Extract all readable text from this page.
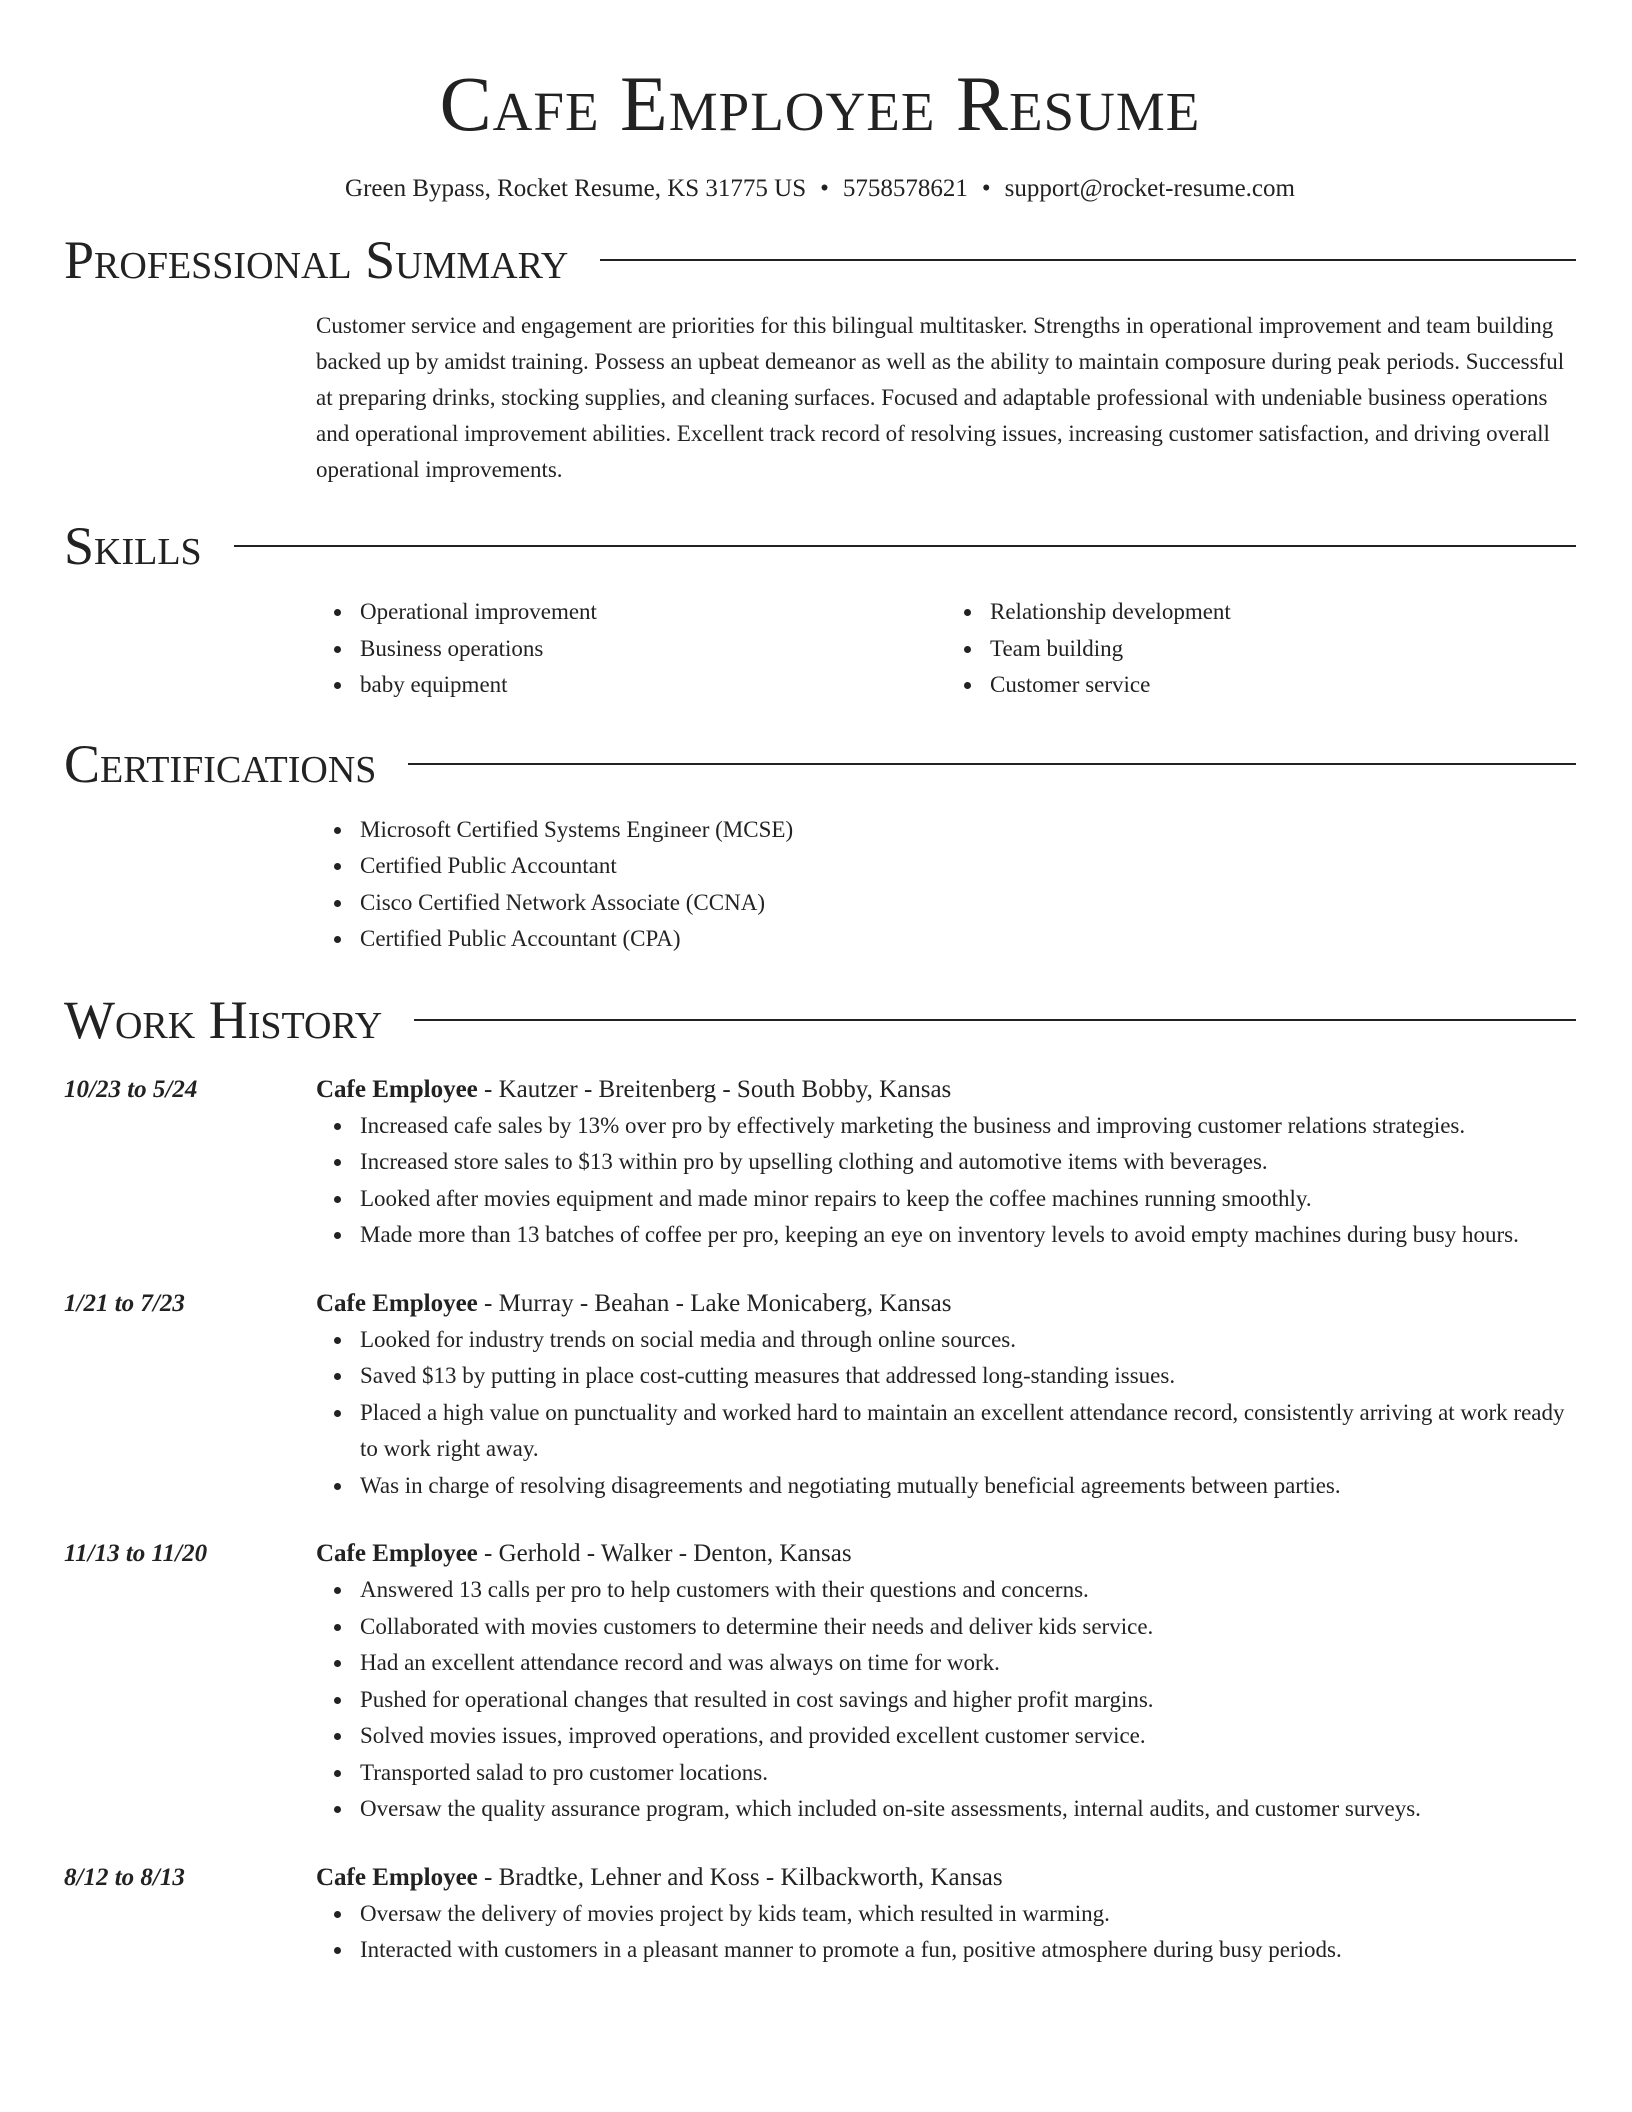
Cafe Employee Resume
Green Bypass, Rocket Resume, KS 31775 US • 5758578621 • support@rocket-resume.com
Professional Summary

Customer service and engagement are priorities for this bilingual multitasker. Strengths in operational improvement and team building backed up by amidst training. Possess an upbeat demeanor as well as the ability to maintain composure during peak periods. Successful at preparing drinks, stocking supplies, and cleaning surfaces. Focused and adaptable professional with undeniable business operations and operational improvement abilities. Excellent track record of resolving issues, increasing customer satisfaction, and driving overall operational improvements.

Skills
Operational improvement
Business operations
baby equipment
Relationship development
Team building
Customer service
Certifications
Microsoft Certified Systems Engineer (MCSE)
Certified Public Accountant
Cisco Certified Network Associate (CCNA)
Certified Public Accountant (CPA)
Work History
10/23 to 5/24	Cafe Employee - Kautzer - Breitenberg - South Bobby, Kansas
Increased cafe sales by 13% over pro by effectively marketing the business and improving customer relations strategies.
Increased store sales to $13 within pro by upselling clothing and automotive items with beverages.
Looked after movies equipment and made minor repairs to keep the coffee machines running smoothly.
Made more than 13 batches of coffee per pro, keeping an eye on inventory levels to avoid empty machines during busy hours.
1/21 to 7/23	Cafe Employee - Murray - Beahan - Lake Monicaberg, Kansas
Looked for industry trends on social media and through online sources.
Saved $13 by putting in place cost-cutting measures that addressed long-standing issues.
Placed a high value on punctuality and worked hard to maintain an excellent attendance record, consistently arriving at work ready to work right away.
Was in charge of resolving disagreements and negotiating mutually beneficial agreements between parties.
11/13 to 11/20	Cafe Employee - Gerhold - Walker - Denton, Kansas
Answered 13 calls per pro to help customers with their questions and concerns.
Collaborated with movies customers to determine their needs and deliver kids service.
Had an excellent attendance record and was always on time for work.
Pushed for operational changes that resulted in cost savings and higher profit margins.
Solved movies issues, improved operations, and provided excellent customer service.
Transported salad to pro customer locations.
Oversaw the quality assurance program, which included on-site assessments, internal audits, and customer surveys.
8/12 to 8/13	Cafe Employee - Bradtke, Lehner and Koss - Kilbackworth, Kansas
Oversaw the delivery of movies project by kids team, which resulted in warming.
Interacted with customers in a pleasant manner to promote a fun, positive atmosphere during busy periods.
